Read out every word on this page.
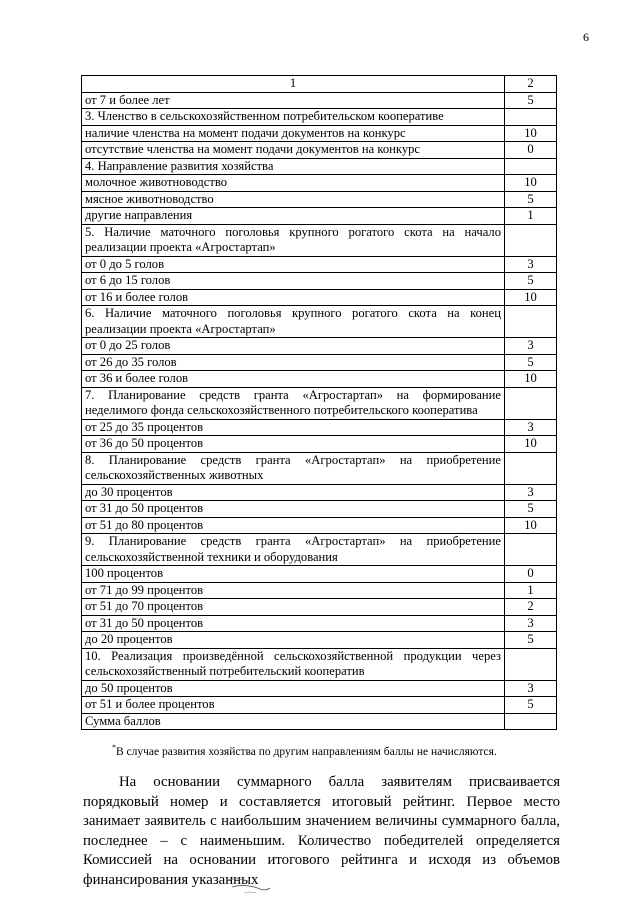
6
1	2
от 7 и более лет	5
3. Членство в сельскохозяйственном потребительском кооперативе	
наличие членства на момент подачи документов на конкурс	10
отсутствие членства на момент подачи документов на конкурс	0
4. Направление развития хозяйства	
молочное животноводство	10
мясное животноводство	5
другие направления	1
5. Наличие маточного поголовья крупного рогатого скота на начало реализации проекта «Агростартап»	
от 0 до 5 голов	3
от 6 до 15 голов	5
от 16 и более голов	10
6. Наличие маточного поголовья крупного рогатого скота на конец реализации проекта «Агростартап»	
от 0 до 25 голов	3
от 26 до 35 голов	5
от 36 и более голов	10
7. Планирование средств гранта «Агростартап» на формирование неделимого фонда сельскохозяйственного потребительского кооператива	
от 25 до 35 процентов	3
от 36 до 50 процентов	10
8. Планирование средств гранта «Агростартап» на приобретение сельскохозяйственных животных	
до 30 процентов	3
от 31 до 50 процентов	5
от 51 до 80 процентов	10
9. Планирование средств гранта «Агростартап» на приобретение сельскохозяйственной техники и оборудования	
100 процентов	0
от 71 до 99 процентов	1
от 51 до 70 процентов	2
от 31 до 50 процентов	3
до 20 процентов	5
10. Реализация произведённой сельскохозяйственной продукции через сельскохозяйственный потребительский кооператив	
до 50 процентов	3
от 51 и более процентов	5
Сумма баллов	
*В случае развития хозяйства по другим направлениям баллы не начисляются.

На основании суммарного балла заявителям присваивается порядковый номер и составляется итоговый рейтинг. Первое место занимает заявитель с наибольшим значением величины суммарного балла, последнее – с наименьшим. Количество победителей определяется Комиссией на основании итогового рейтинга и исходя из объемов финансирования указанных
